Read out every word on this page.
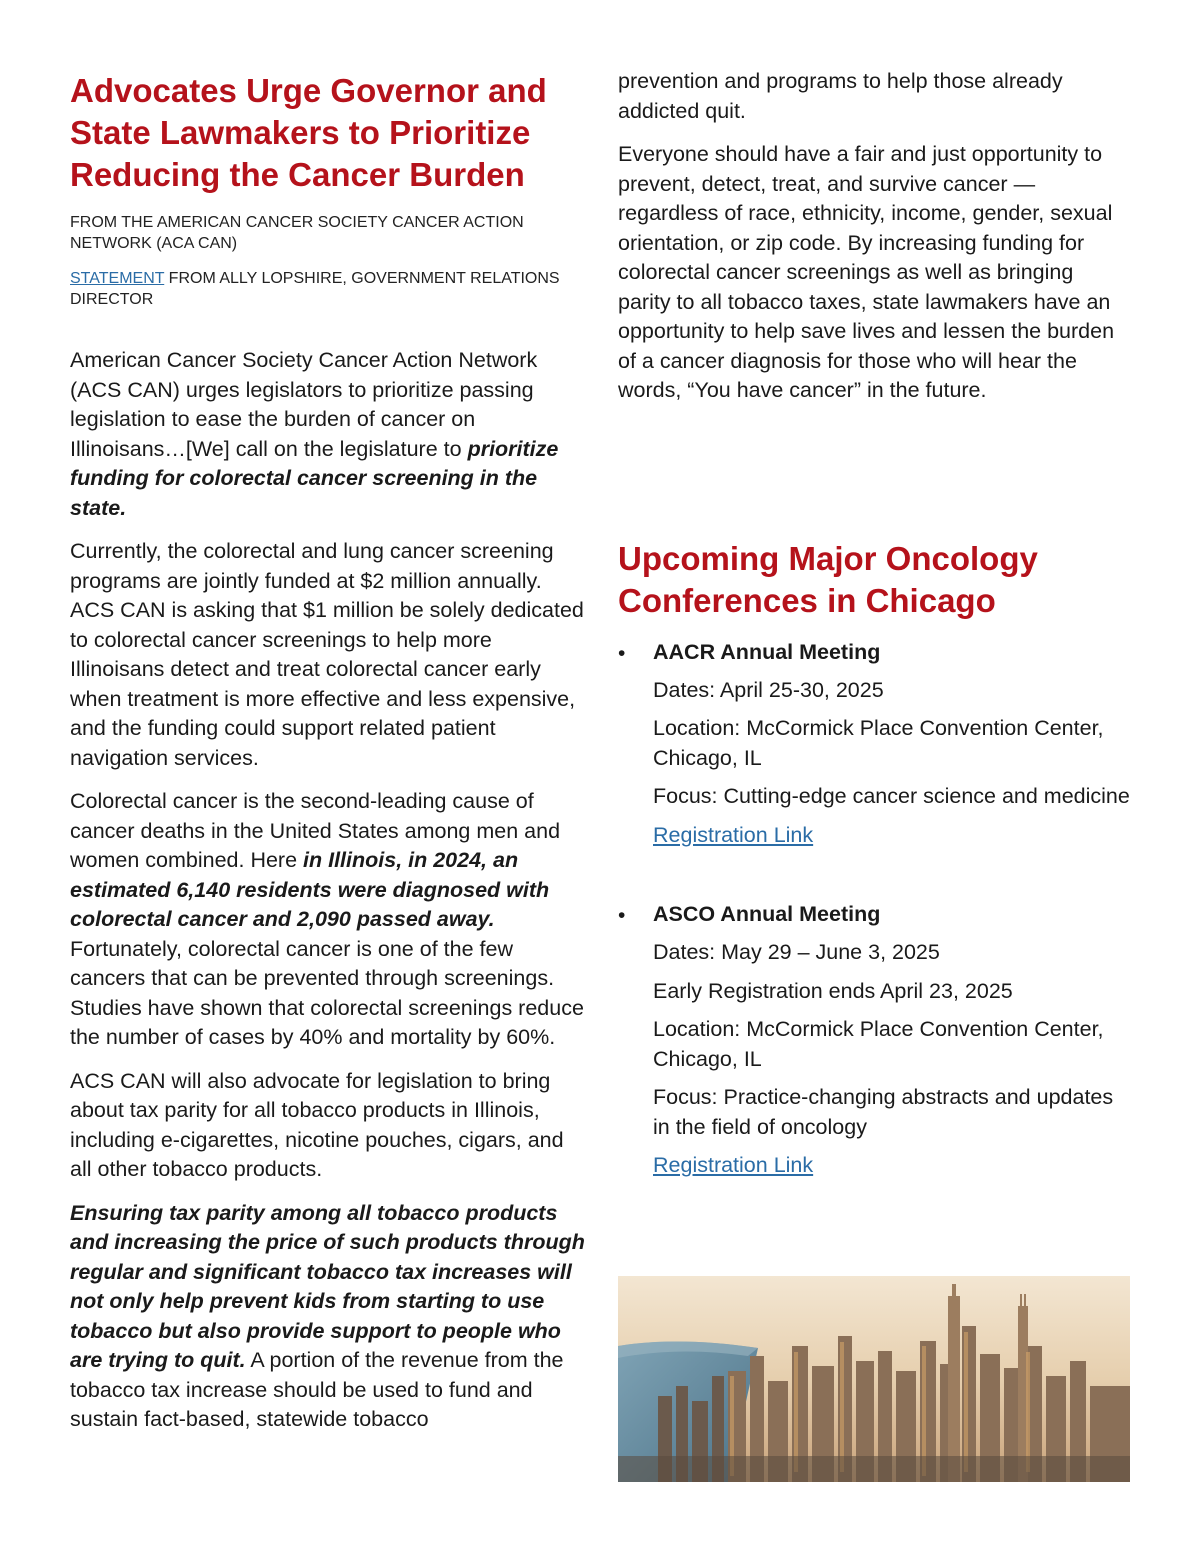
Advocates Urge Governor and State Lawmakers to Prioritize Reducing the Cancer Burden
FROM THE AMERICAN CANCER SOCIETY CANCER ACTION NETWORK (ACA CAN)
STATEMENT FROM ALLY LOPSHIRE, GOVERNMENT RELATIONS DIRECTOR

American Cancer Society Cancer Action Network (ACS CAN) urges legislators to prioritize passing legislation to ease the burden of cancer on Illinoisans…[We] call on the legislature to prioritize funding for colorectal cancer screening in the state.

Currently, the colorectal and lung cancer screening programs are jointly funded at $2 million annually. ACS CAN is asking that $1 million be solely dedicated to colorectal cancer screenings to help more Illinoisans detect and treat colorectal cancer early when treatment is more effective and less expensive, and the funding could support related patient navigation services.

Colorectal cancer is the second-leading cause of cancer deaths in the United States among men and women combined. Here in Illinois, in 2024, an estimated 6,140 residents were diagnosed with colorectal cancer and 2,090 passed away. Fortunately, colorectal cancer is one of the few cancers that can be prevented through screenings. Studies have shown that colorectal screenings reduce the number of cases by 40% and mortality by 60%.

ACS CAN will also advocate for legislation to bring about tax parity for all tobacco products in Illinois, including e-cigarettes, nicotine pouches, cigars, and all other tobacco products.

Ensuring tax parity among all tobacco products and increasing the price of such products through regular and significant tobacco tax increases will not only help prevent kids from starting to use tobacco but also provide support to people who are trying to quit. A portion of the revenue from the tobacco tax increase should be used to fund and sustain fact-based, statewide tobacco

prevention and programs to help those already addicted quit.

Everyone should have a fair and just opportunity to prevent, detect, treat, and survive cancer — regardless of race, ethnicity, income, gender, sexual orientation, or zip code. By increasing funding for colorectal cancer screenings as well as bringing parity to all tobacco taxes, state lawmakers have an opportunity to help save lives and lessen the burden of a cancer diagnosis for those who will hear the words, “You have cancer” in the future.

Upcoming Major Oncology Conferences in Chicago
• AACR Annual Meeting
Dates: April 25-30, 2025
Location: McCormick Place Convention Center, Chicago, IL
Focus: Cutting-edge cancer science and medicine
Registration Link
• ASCO Annual Meeting
Dates: May 29 – June 3, 2025
Early Registration ends April 23, 2025
Location: McCormick Place Convention Center, Chicago, IL
Focus: Practice-changing abstracts and updates in the field of oncology
Registration Link
